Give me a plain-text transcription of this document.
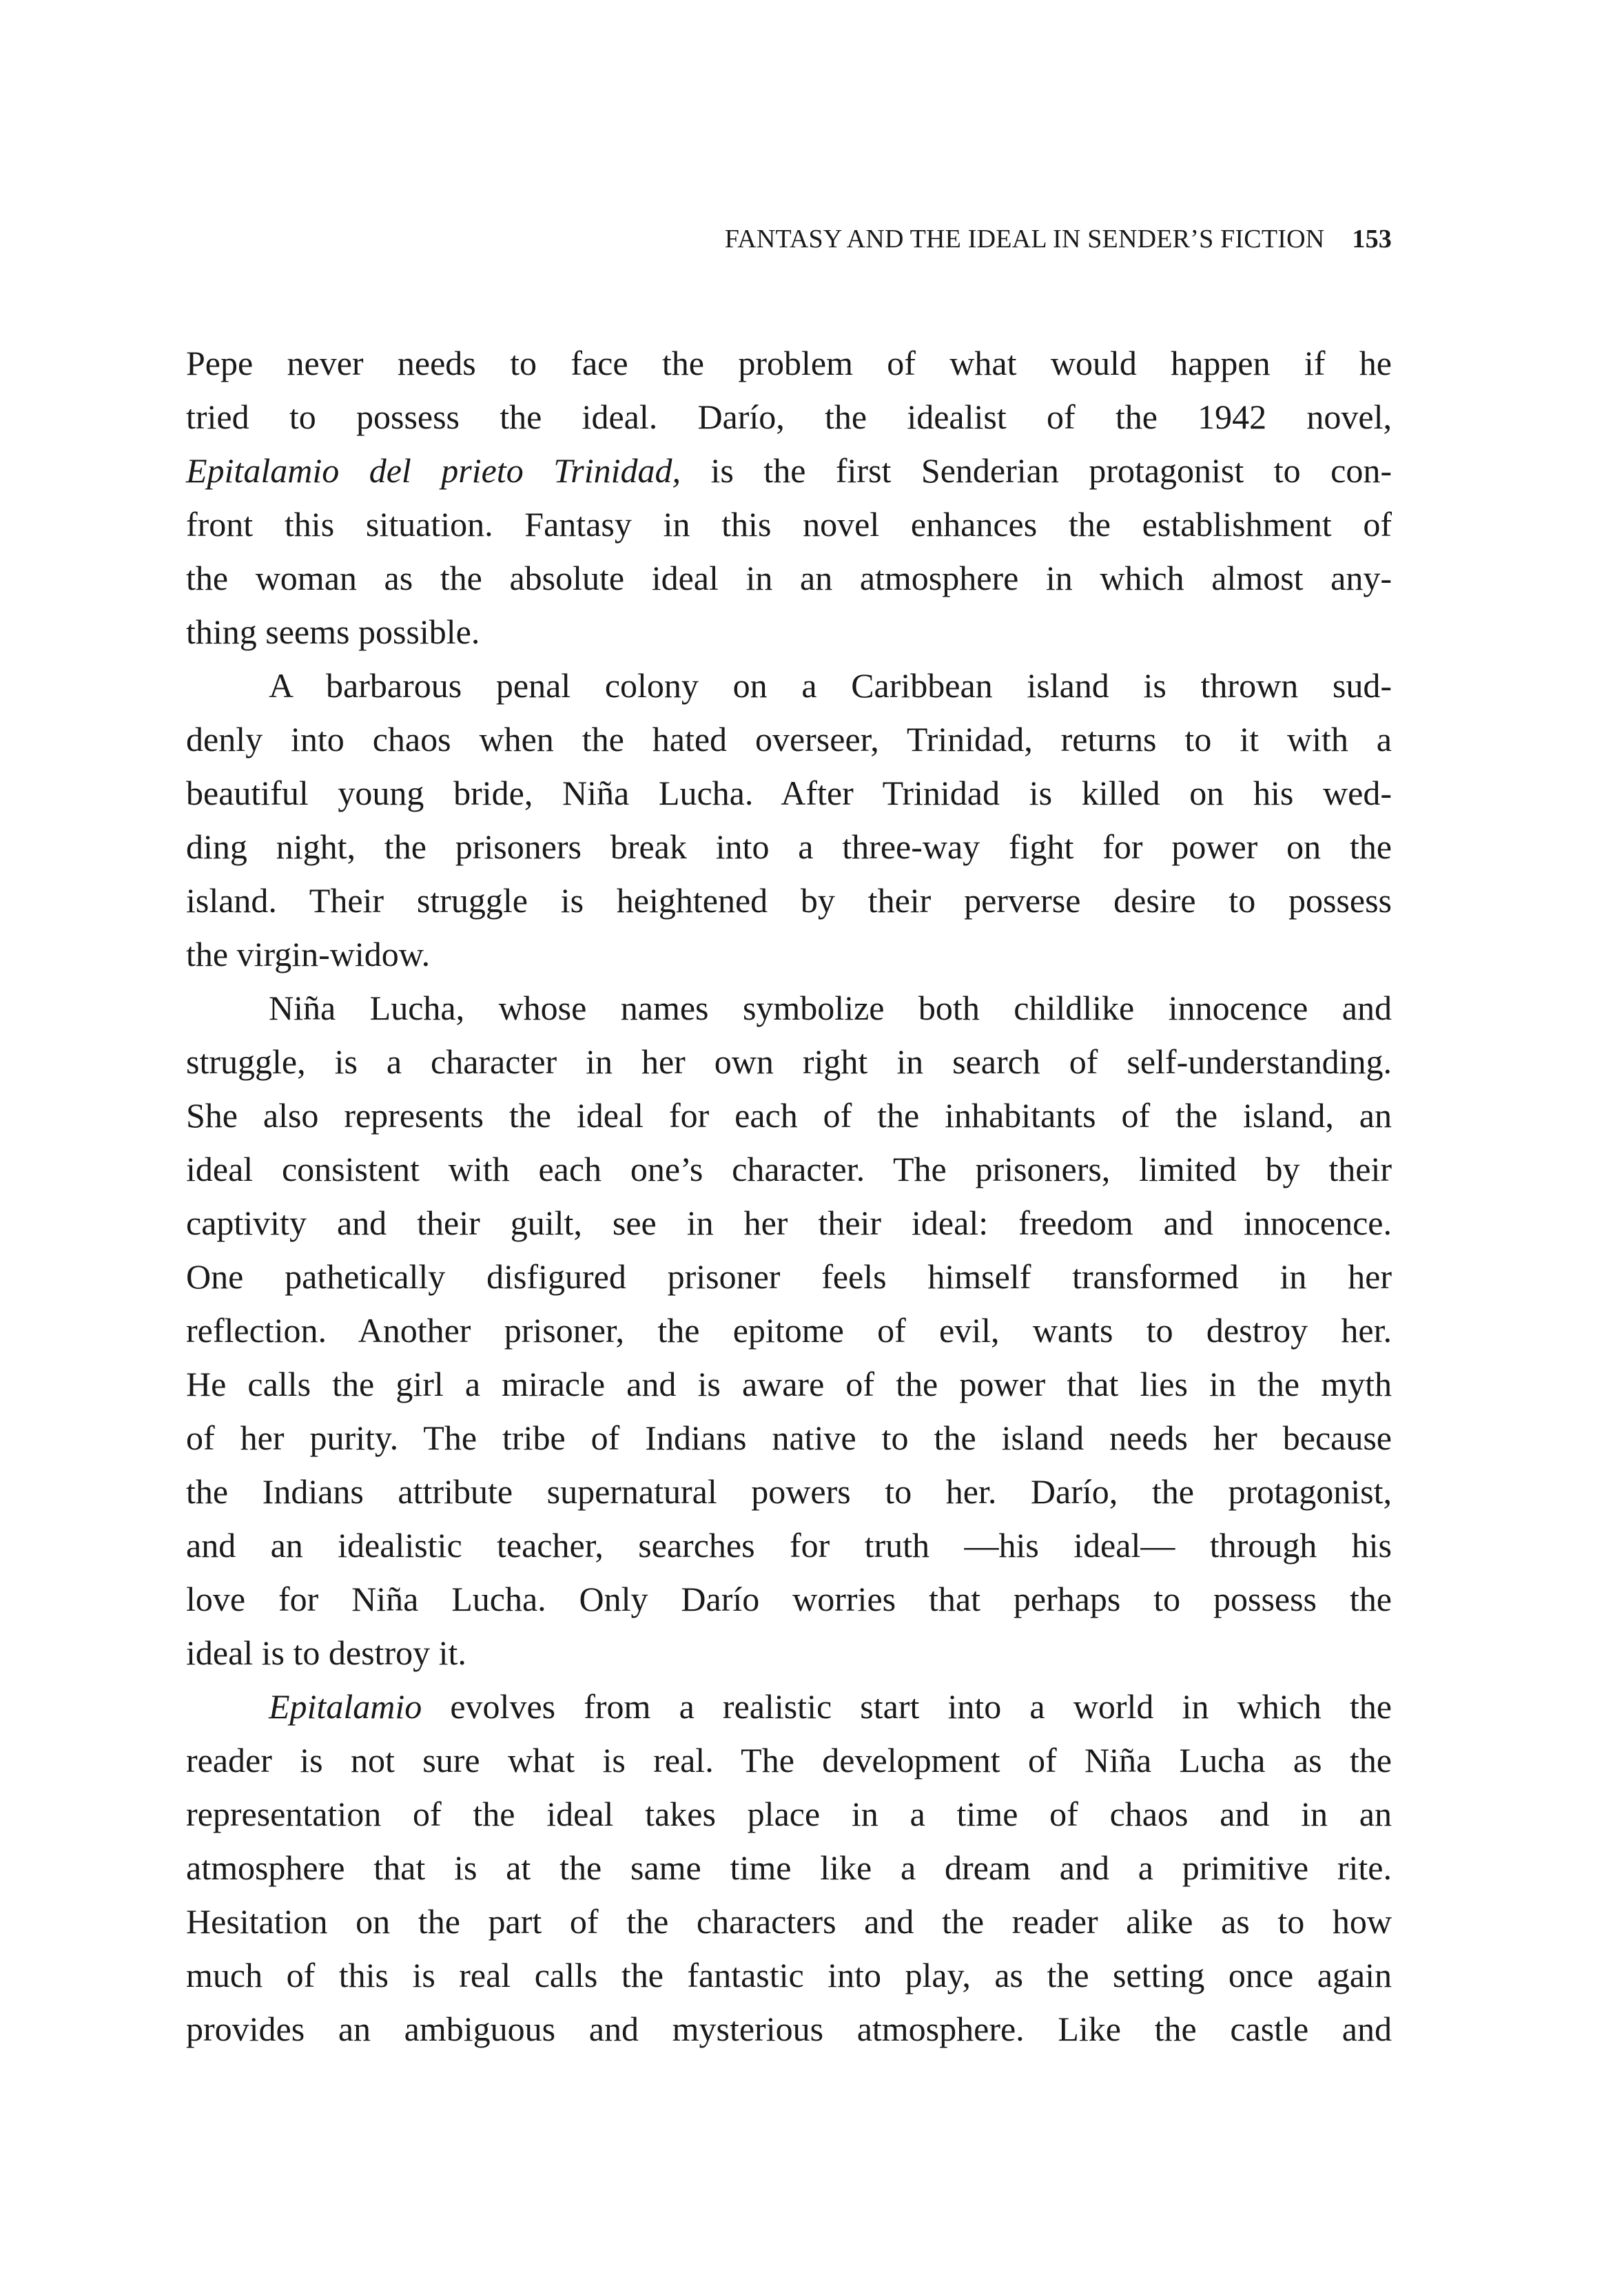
FANTASY AND THE IDEAL IN SENDER’S FICTION 153
Pepe never needs to face the problem of what would happen if he
tried to possess the ideal. Darío, the idealist of the 1942 novel,
Epitalamio del prieto Trinidad, is the first Senderian protagonist to con-
front this situation. Fantasy in this novel enhances the establishment of
the woman as the absolute ideal in an atmosphere in which almost any-
thing seems possible.
A barbarous penal colony on a Caribbean island is thrown sud-
denly into chaos when the hated overseer, Trinidad, returns to it with a
beautiful young bride, Niña Lucha. After Trinidad is killed on his wed-
ding night, the prisoners break into a three-way fight for power on the
island. Their struggle is heightened by their perverse desire to possess
the virgin-widow.
Niña Lucha, whose names symbolize both childlike innocence and
struggle, is a character in her own right in search of self-understanding.
She also represents the ideal for each of the inhabitants of the island, an
ideal consistent with each one’s character. The prisoners, limited by their
captivity and their guilt, see in her their ideal: freedom and innocence.
One pathetically disfigured prisoner feels himself transformed in her
reflection. Another prisoner, the epitome of evil, wants to destroy her.
He calls the girl a miracle and is aware of the power that lies in the myth
of her purity. The tribe of Indians native to the island needs her because
the Indians attribute supernatural powers to her. Darío, the protagonist,
and an idealistic teacher, searches for truth —his ideal— through his
love for Niña Lucha. Only Darío worries that perhaps to possess the
ideal is to destroy it.
Epitalamio evolves from a realistic start into a world in which the
reader is not sure what is real. The development of Niña Lucha as the
representation of the ideal takes place in a time of chaos and in an
atmosphere that is at the same time like a dream and a primitive rite.
Hesitation on the part of the characters and the reader alike as to how
much of this is real calls the fantastic into play, as the setting once again
provides an ambiguous and mysterious atmosphere. Like the castle and
